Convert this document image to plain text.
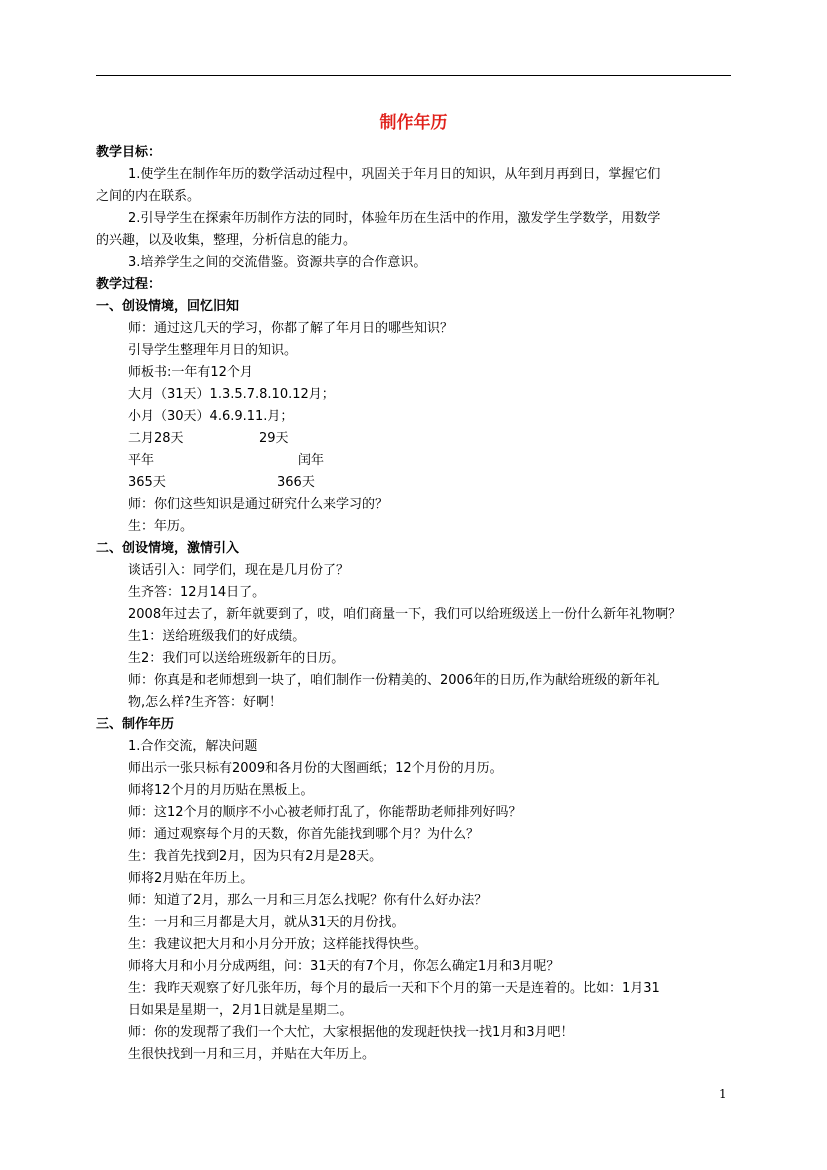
制作年历
教学目标：
1.使学生在制作年历的数学活动过程中，巩固关于年月日的知识，从年到月再到日，掌握它们
之间的内在联系。
2.引导学生在探索年历制作方法的同时，体验年历在生活中的作用，激发学生学数学，用数学
的兴趣，以及收集，整理，分析信息的能力。
3.培养学生之间的交流借鉴。资源共享的合作意识。
教学过程：
一、创设情境，回忆旧知
师：通过这几天的学习，你都了解了年月日的哪些知识？
引导学生整理年月日的知识。
师板书:一年有12个月
大月（31天）1.3.5.7.8.10.12月；
小月（30天）4.6.9.11.月；
二月28天	29天
平年	闰年
365天	366天
师：你们这些知识是通过研究什么来学习的？
生：年历。
二、创设情境，激情引入
谈话引入：同学们，现在是几月份了？
生齐答：12月14日了。
2008年过去了，新年就要到了，哎，咱们商量一下，我们可以给班级送上一份什么新年礼物啊？
生1：送给班级我们的好成绩。
生2：我们可以送给班级新年的日历。
师：你真是和老师想到一块了，咱们制作一份精美的、2006年的日历,作为献给班级的新年礼
物,怎么样?生齐答：好啊！
三、制作年历
1.合作交流，解决问题
师出示一张只标有2009和各月份的大图画纸；12个月份的月历。
师将12个月的月历贴在黑板上。
师：这12个月的顺序不小心被老师打乱了，你能帮助老师排列好吗？
师：通过观察每个月的天数，你首先能找到哪个月？为什么？
生：我首先找到2月，因为只有2月是28天。
师将2月贴在年历上。
师：知道了2月，那么一月和三月怎么找呢？你有什么好办法？
生：一月和三月都是大月，就从31天的月份找。
生：我建议把大月和小月分开放；这样能找得快些。
师将大月和小月分成两组，问：31天的有7个月，你怎么确定1月和3月呢？
生：我昨天观察了好几张年历，每个月的最后一天和下个月的第一天是连着的。比如：1月31
日如果是星期一，2月1日就是星期二。
师：你的发现帮了我们一个大忙，大家根据他的发现赶快找一找1月和3月吧！
生很快找到一月和三月，并贴在大年历上。
1
